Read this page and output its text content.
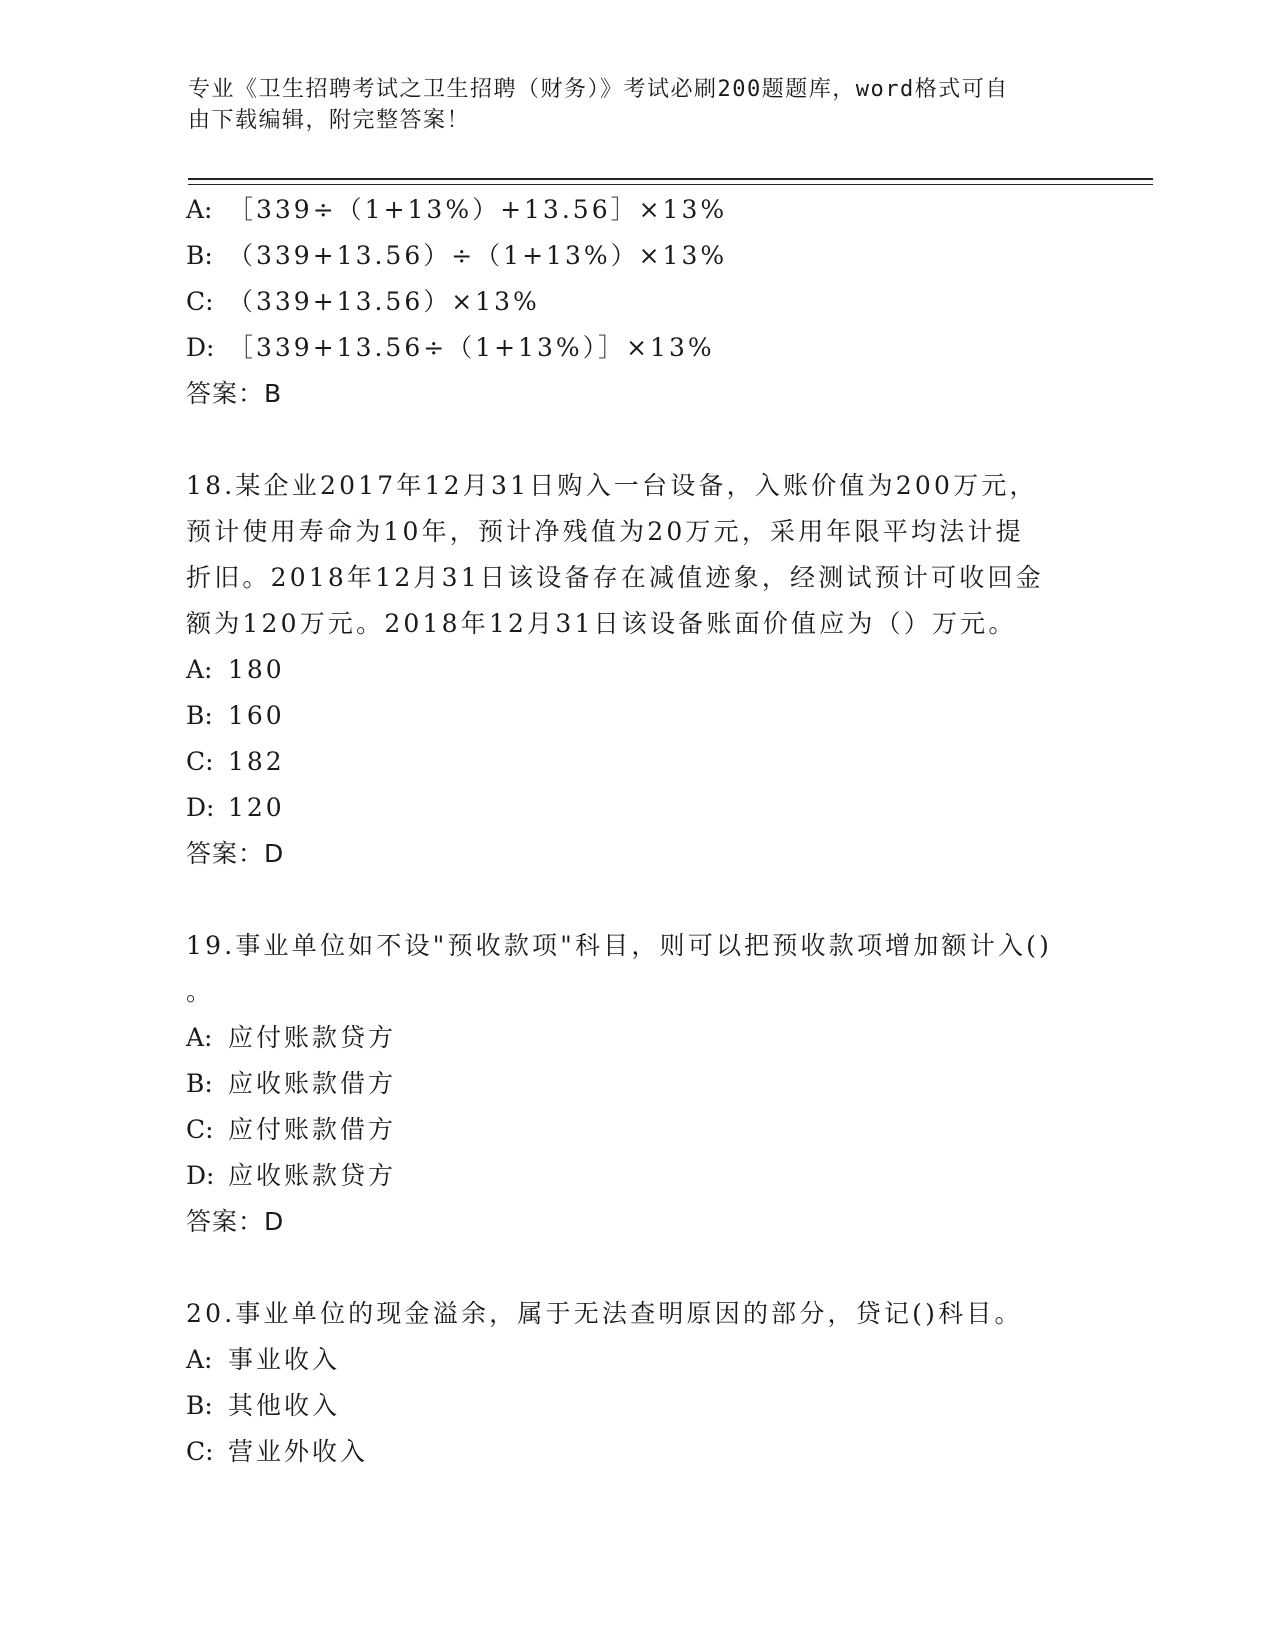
专业《卫生招聘考试之卫生招聘（财务）》考试必刷200题题库，word格式可自
由下载编辑，附完整答案！
A: ［339÷（1+13%）+13.56］×13%
B: （339+13.56）÷（1+13%）×13%
C: （339+13.56）×13%
D: ［339+13.56÷（1+13%）］×13%
答案：B
18.某企业2017年12月31日购入一台设备，入账价值为200万元，
预计使用寿命为10年，预计净残值为20万元，采用年限平均法计提
折旧。2018年12月31日该设备存在减值迹象，经测试预计可收回金
额为120万元。2018年12月31日该设备账面价值应为（）万元。
A: 180
B: 160
C: 182
D: 120
答案：D
19.事业单位如不设"预收款项"科目，则可以把预收款项增加额计入()
。
A: 应付账款贷方
B: 应收账款借方
C: 应付账款借方
D: 应收账款贷方
答案：D
20.事业单位的现金溢余，属于无法查明原因的部分，贷记()科目。
A: 事业收入
B: 其他收入
C: 营业外收入
